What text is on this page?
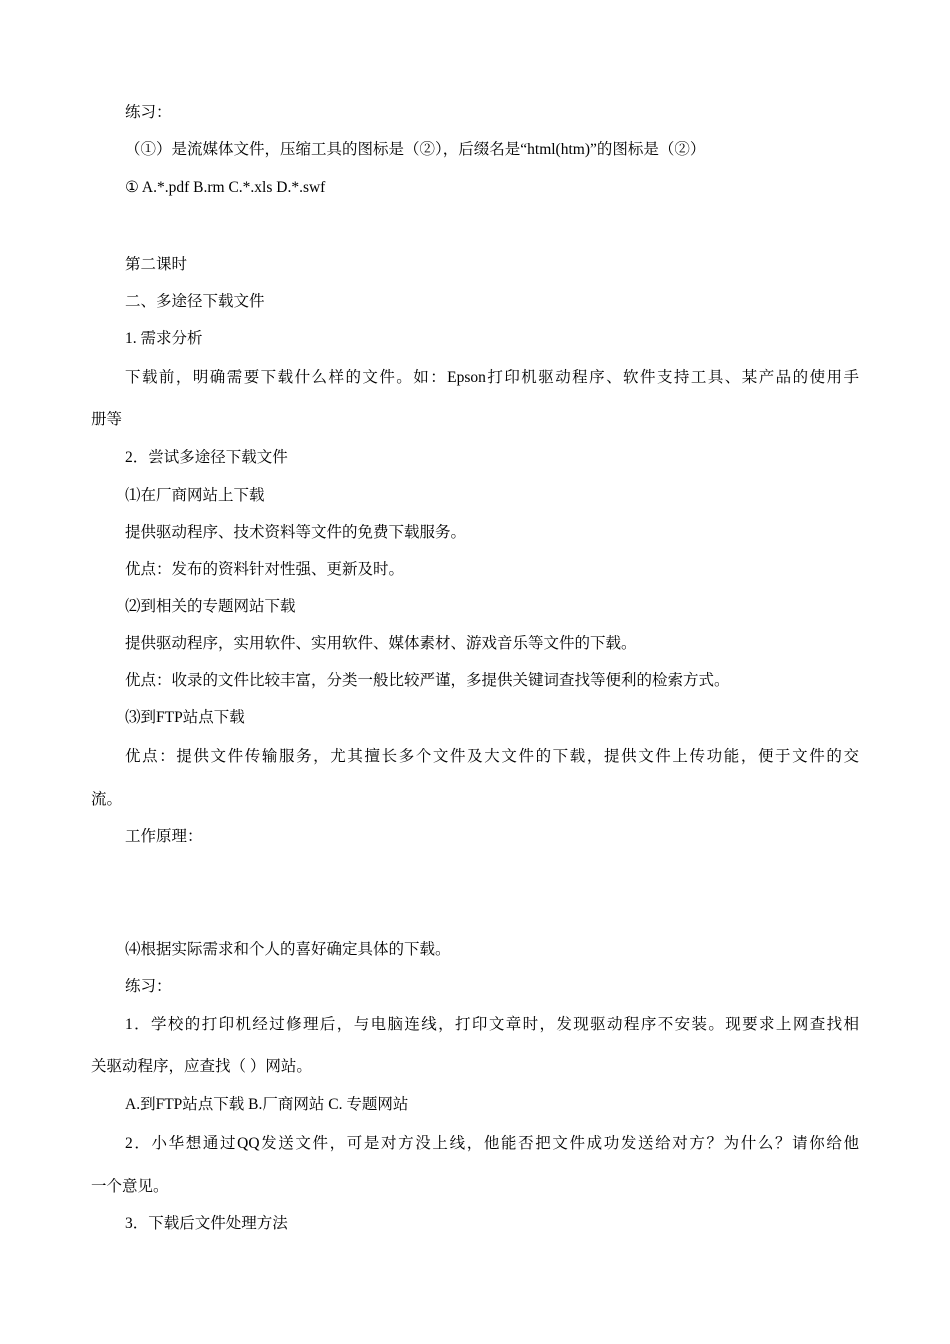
练习：
（①）是流媒体文件，压缩工具的图标是（②），后缀名是“html(htm)”的图标是（②）
① A.*.pdf B.rm C.*.xls D.*.swf
第二课时
二、多途径下载文件
1. 需求分析
下载前，明确需要下载什么样的文件。如：Epson打印机驱动程序、软件支持工具、某产品的使用手
册等
2．尝试多途径下载文件
⑴在厂商网站上下载
提供驱动程序、技术资料等文件的免费下载服务。
优点：发布的资料针对性强、更新及时。
⑵到相关的专题网站下载
提供驱动程序，实用软件、实用软件、媒体素材、游戏音乐等文件的下载。
优点：收录的文件比较丰富，分类一般比较严谨，多提供关键词查找等便利的检索方式。
⑶到FTP站点下载
优点：提供文件传输服务，尤其擅长多个文件及大文件的下载，提供文件上传功能，便于文件的交
流。
工作原理：
⑷根据实际需求和个人的喜好确定具体的下载。
练习：
1．学校的打印机经过修理后，与电脑连线，打印文章时，发现驱动程序不安装。现要求上网查找相
关驱动程序，应查找（ ）网站。
A.到FTP站点下载 B.厂商网站 C. 专题网站
2．小华想通过QQ发送文件，可是对方没上线，他能否把文件成功发送给对方？为什么？请你给他
一个意见。
3．下载后文件处理方法
